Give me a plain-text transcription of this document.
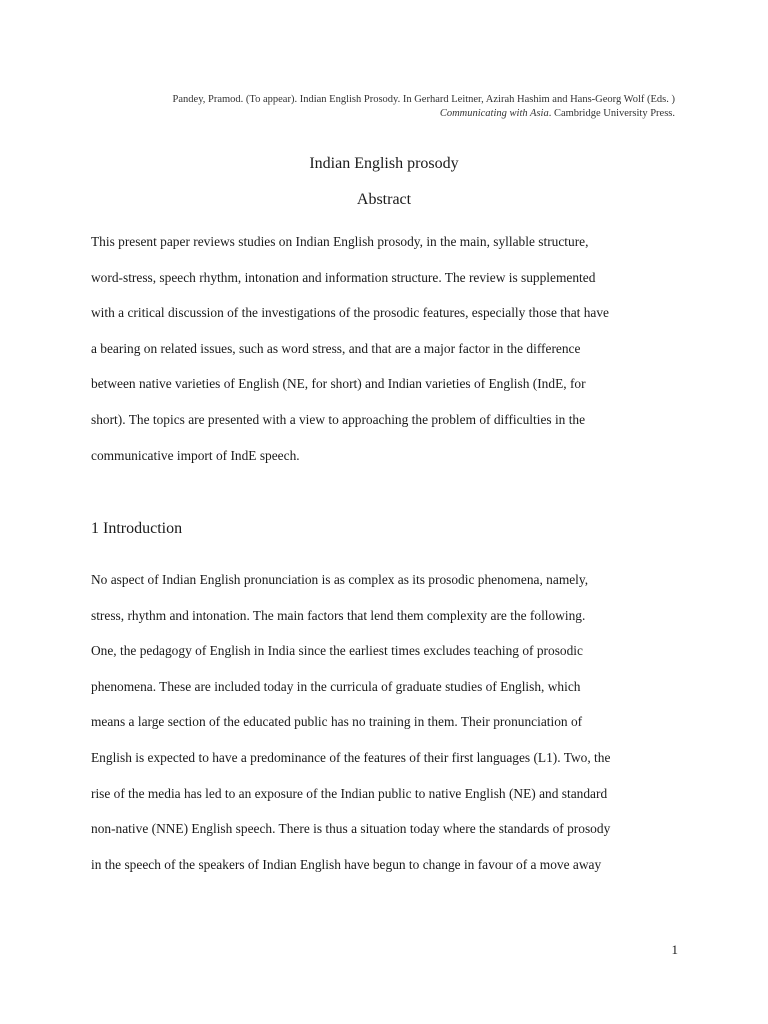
Pandey, Pramod. (To appear). Indian English Prosody. In Gerhard Leitner, Azirah Hashim and Hans-Georg Wolf (Eds. )
Communicating with Asia. Cambridge University Press.
Indian English prosody
Abstract
This present paper reviews studies on Indian English prosody, in the main, syllable structure,
word-stress, speech rhythm, intonation and information structure. The review is supplemented
with a critical discussion of the investigations of the prosodic features, especially those that have
a bearing on related issues, such as word stress, and that are a major factor in the difference
between native varieties of English (NE, for short) and Indian varieties of English (IndE, for
short). The topics are presented with a view to approaching the problem of difficulties in the
communicative import of IndE speech.
1 Introduction
No aspect of Indian English pronunciation is as complex as its prosodic phenomena, namely,
stress, rhythm and intonation. The main factors that lend them complexity are the following.
One, the pedagogy of English in India since the earliest times excludes teaching of prosodic
phenomena. These are included today in the curricula of graduate studies of English, which
means a large section of the educated public has no training in them. Their pronunciation of
English is expected to have a predominance of the features of their first languages (L1). Two, the
rise of the media has led to an exposure of the Indian public to native English (NE) and standard
non-native (NNE) English speech. There is thus a situation today where the standards of prosody
in the speech of the speakers of Indian English have begun to change in favour of a move away
1
